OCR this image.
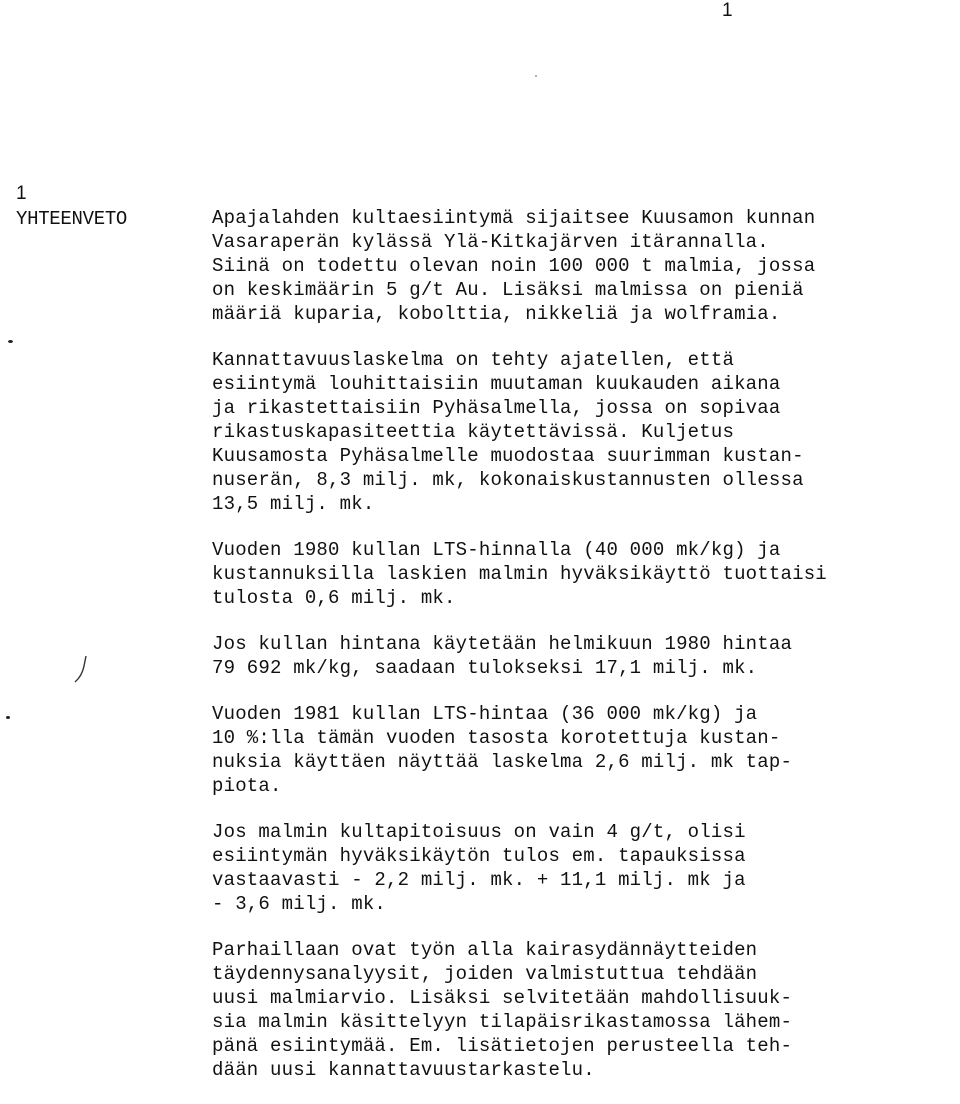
1
1
YHTEENVETO	Apajalahden kultaesiintymä sijaitsee Kuusamon kunnan
Vasaraperän kylässä Ylä-Kitkajärven itärannalla.
Siinä on todettu olevan noin 100 000 t malmia, jossa
on keskimäärin 5 g/t Au. Lisäksi malmissa on pieniä
määriä kuparia, kobolttia, nikkeliä ja wolframia.
Kannattavuuslaskelma on tehty ajatellen, että
esiintymä louhittaisiin muutaman kuukauden aikana
ja rikastettaisiin Pyhäsalmella, jossa on sopivaa
rikastuskapasiteettia käytettävissä. Kuljetus
Kuusamosta Pyhäsalmelle muodostaa suurimman kustan-
nuserän, 8,3 milj. mk, kokonaiskustannusten ollessa
13,5 milj. mk.
Vuoden 1980 kullan LTS-hinnalla (40 000 mk/kg) ja
kustannuksilla laskien malmin hyväksikäyttö tuottaisi
tulosta 0,6 milj. mk.
Jos kullan hintana käytetään helmikuun 1980 hintaa
79 692 mk/kg, saadaan tulokseksi 17,1 milj. mk.
Vuoden 1981 kullan LTS-hintaa (36 000 mk/kg) ja
10 %:lla tämän vuoden tasosta korotettuja kustan-
nuksia käyttäen näyttää laskelma 2,6 milj. mk tap-
piota.
Jos malmin kultapitoisuus on vain 4 g/t, olisi
esiintymän hyväksikäytön tulos em. tapauksissa
vastaavasti - 2,2 milj. mk. + 11,1 milj. mk ja
- 3,6 milj. mk.
Parhaillaan ovat työn alla kairasydännäytteiden
täydennysanalyysit, joiden valmistuttua tehdään
uusi malmiarvio. Lisäksi selvitetään mahdollisuuk-
sia malmin käsittelyyn tilapäisrikastamossa lähem-
pänä esiintymää. Em. lisätietojen perusteella teh-
dään uusi kannattavuustarkastelu.
